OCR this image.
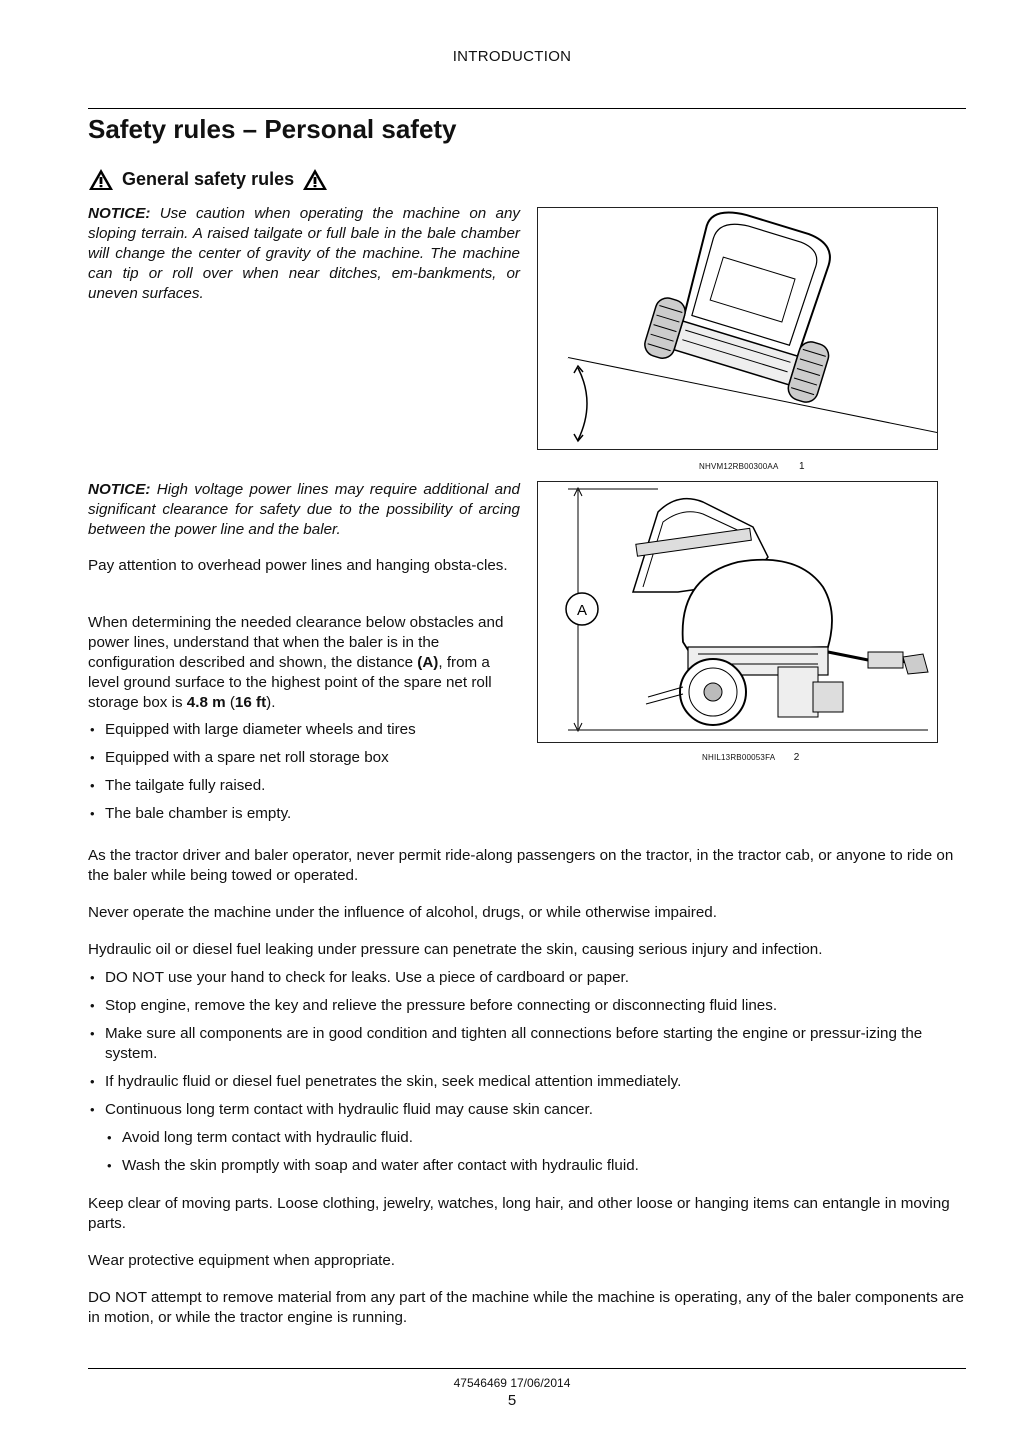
INTRODUCTION
Safety rules – Personal safety
General safety rules

NOTICE: Use caution when operating the machine on any sloping terrain. A raised tailgate or full bale in the bale chamber will change the center of gravity of the machine. The machine can tip or roll over when near ditches, em-bankments, or uneven surfaces.

NHVM12RB00300AA 1

NOTICE: High voltage power lines may require additional and significant clearance for safety due to the possibility of arcing between the power line and the baler.

Pay attention to overhead power lines and hanging obsta-cles.

When determining the needed clearance below obstacles and power lines, understand that when the baler is in the configuration described and shown, the distance (A), from a level ground surface to the highest point of the spare net roll storage box is 4.8 m (16 ft).

• Equipped with large diameter wheels and tires
• Equipped with a spare net roll storage box
• The tailgate fully raised.
• The bale chamber is empty.
A
NHIL13RB00053FA 2

As the tractor driver and baler operator, never permit ride-along passengers on the tractor, in the tractor cab, or anyone to ride on the baler while being towed or operated.

Never operate the machine under the influence of alcohol, drugs, or while otherwise impaired.

Hydraulic oil or diesel fuel leaking under pressure can penetrate the skin, causing serious injury and infection.

• DO NOT use your hand to check for leaks. Use a piece of cardboard or paper.
• Stop engine, remove the key and relieve the pressure before connecting or disconnecting fluid lines.
• Make sure all components are in good condition and tighten all connections before starting the engine or pressur-izing the system.
• If hydraulic fluid or diesel fuel penetrates the skin, seek medical attention immediately.
• Continuous long term contact with hydraulic fluid may cause skin cancer.
• Avoid long term contact with hydraulic fluid.
• Wash the skin promptly with soap and water after contact with hydraulic fluid.

Keep clear of moving parts. Loose clothing, jewelry, watches, long hair, and other loose or hanging items can entangle in moving parts.

Wear protective equipment when appropriate.

DO NOT attempt to remove material from any part of the machine while the machine is operating, any of the baler components are in motion, or while the tractor engine is running.

47546469 17/06/2014
5
